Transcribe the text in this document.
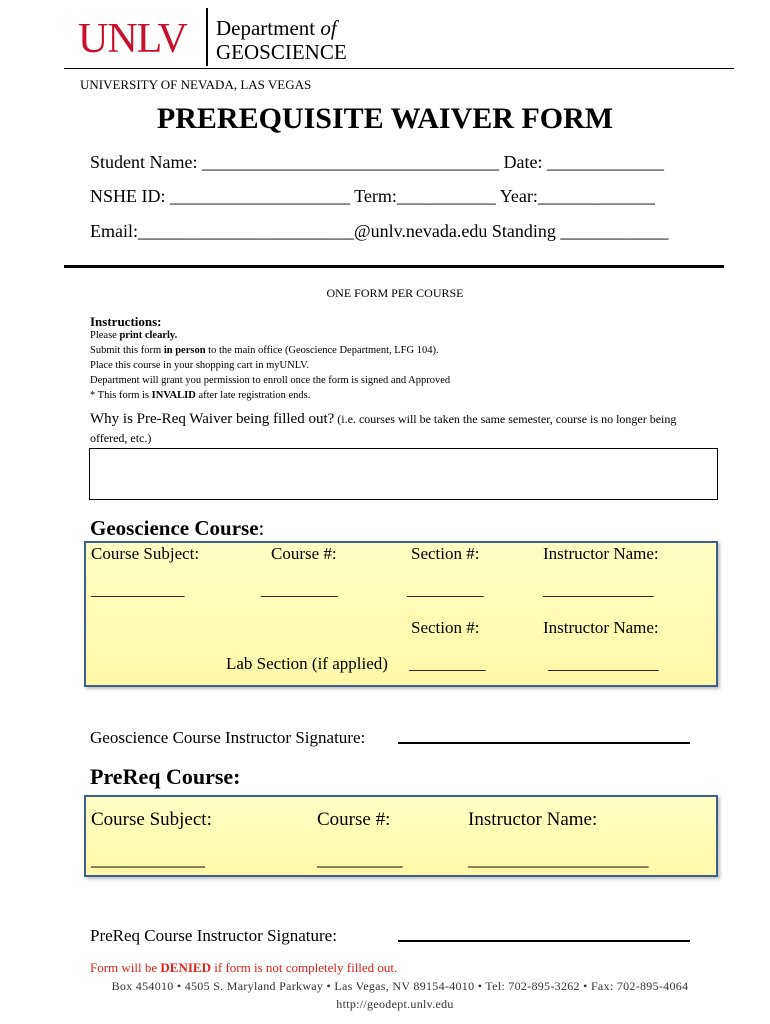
UNLV Department of
GEOSCIENCE
UNIVERSITY OF NEVADA, LAS VEGAS
PREREQUISITE WAIVER FORM
Student Name: _________________________________ Date: _____________
NSHE ID: ____________________ Term:___________ Year:_____________
Email:________________________@unlv.nevada.edu Standing ____________
ONE FORM PER COURSE
Instructions:
Please print clearly.
Submit this form in person to the main office (Geoscience Department, LFG 104).
Place this course in your shopping cart in myUNLV.
Department will grant you permission to enroll once the form is signed and Approved
* This form is INVALID after late registration ends.
Why is Pre-Req Waiver being filled out? (i.e. courses will be taken the same semester, course is no longer being
offered, etc.)
Geoscience Course:
Course Subject:	Course #:	Section #:	Instructor Name:
___________	_________	_________	_____________
Section #:	Instructor Name:
Lab Section (if applied) _________	_____________
Geoscience Course Instructor Signature:
PreReq Course:
Course Subject:	Course #:	Instructor Name:
____________	_________	___________________
PreReq Course Instructor Signature:
Form will be DENIED if form is not completely filled out.
Box 454010 • 4505 S. Maryland Parkway • Las Vegas, NV 89154-4010 • Tel: 702-895-3262 • Fax: 702-895-4064
http://geodept.unlv.edu
